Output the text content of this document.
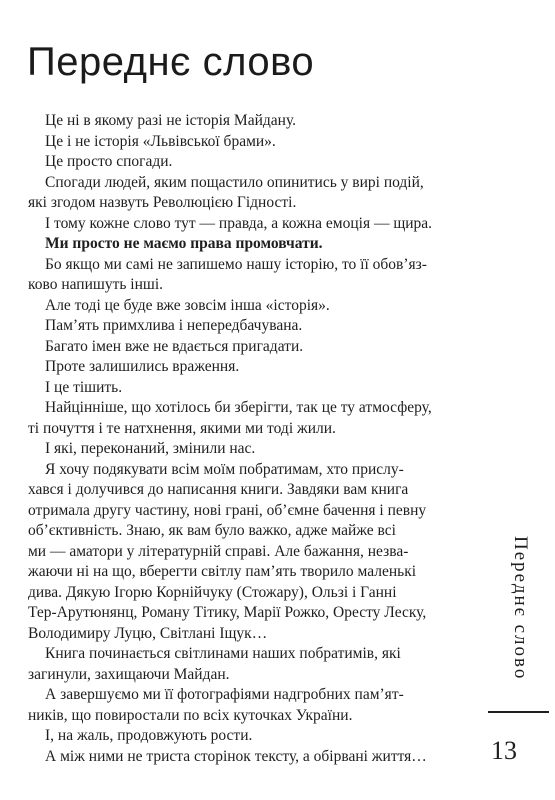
Переднє слово
Це ні в якому разі не історія Майдану.
Це і не історія «Львівської брами».
Це просто спогади.
Спогади людей, яким пощастило опинитись у вирі подій,
які згодом назвуть Революцією Гідності.
І тому кожне слово тут — правда, а кожна емоція — щира.
Ми просто не маємо права промовчати.
Бо якщо ми самі не запишемо нашу історію, то її обов’яз-
ково напишуть інші.
Але тоді це буде вже зовсім інша «історія».
Пам’ять примхлива і непередбачувана.
Багато імен вже не вдається пригадати.
Проте залишились враження.
І це тішить.
Найцінніше, що хотілось би зберігти, так це ту атмосферу,
ті почуття і те натхнення, якими ми тоді жили.
І які, переконаний, змінили нас.
Я хочу подякувати всім моїм побратимам, хто прислу-
хався і долучився до написання книги. Завдяки вам книга
отримала другу частину, нові грані, об’ємне бачення і певну
об’єктивність. Знаю, як вам було важко, адже майже всі
ми — аматори у літературній справі. Але бажання, незва-
жаючи ні на що, вберегти світлу пам’ять творило маленькі
дива. Дякую Ігорю Корнійчуку (Стожару), Ользі і Ганні
Тер-Арутюнянц, Роману Тітику, Марії Рожко, Оресту Леску,
Володимиру Луцю, Світлані Іщук…
Книга починається світлинами наших побратимів, які
загинули, захищаючи Майдан.
А завершуємо ми її фотографіями надгробних пам’ят-
ників, що повиростали по всіх куточках України.
І, на жаль, продовжують рости.
А між ними не триста сторінок тексту, а обірвані життя…
Переднє слово
13
